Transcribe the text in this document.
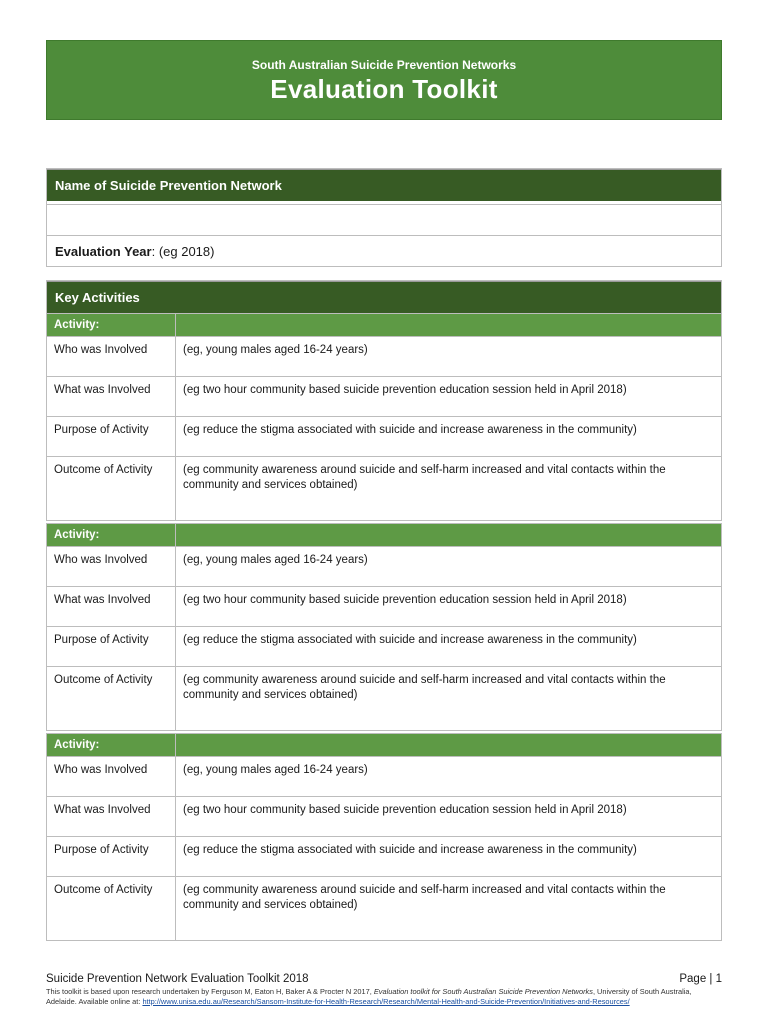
South Australian Suicide Prevention Networks
Evaluation Toolkit
Name of Suicide Prevention Network
Evaluation Year : (eg 2018)
Key Activities
Activity:	
Who was Involved	(eg, young males aged 16-24 years)
What was Involved	(eg two hour community based suicide prevention education session held in April 2018)
Purpose of Activity	(eg reduce the stigma associated with suicide and increase awareness in the community)
Outcome of Activity	(eg community awareness around suicide and self-harm increased and vital contacts within the community and services obtained)
Activity:	
Who was Involved	(eg, young males aged 16-24 years)
What was Involved	(eg two hour community based suicide prevention education session held in April 2018)
Purpose of Activity	(eg reduce the stigma associated with suicide and increase awareness in the community)
Outcome of Activity	(eg community awareness around suicide and self-harm increased and vital contacts within the community and services obtained)
Activity:	
Who was Involved	(eg, young males aged 16-24 years)
What was Involved	(eg two hour community based suicide prevention education session held in April 2018)
Purpose of Activity	(eg reduce the stigma associated with suicide and increase awareness in the community)
Outcome of Activity	(eg community awareness around suicide and self-harm increased and vital contacts within the community and services obtained)
Suicide Prevention Network Evaluation Toolkit 2018	Page | 1
This toolkit is based upon research undertaken by Ferguson M, Eaton H, Baker A & Procter N 2017, Evaluation toolkit for South Australian Suicide Prevention Networks, University of South Australia, Adelaide. Available online at: http://www.unisa.edu.au/Research/Sansom-Institute-for-Health-Research/Research/Mental-Health-and-Suicide-Prevention/Initiatives-and-Resources/
